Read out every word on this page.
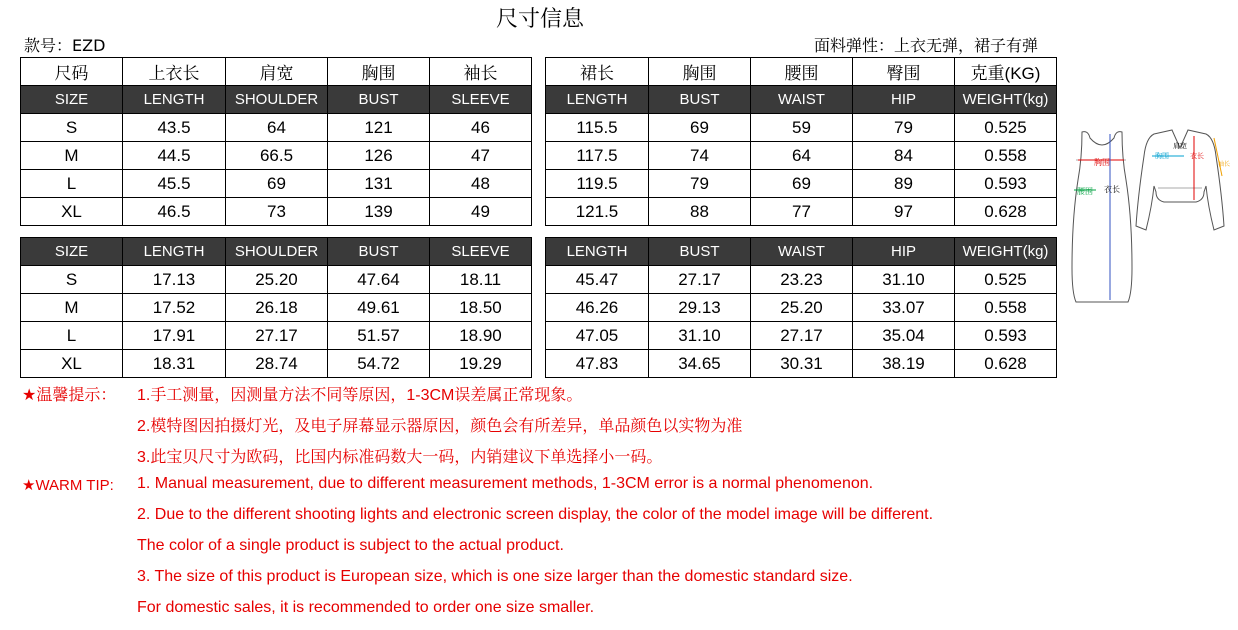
尺寸信息
款号：EZD	面料弹性：上衣无弹，裙子有弹
尺码	上衣长	肩宽	胸围	袖长
SIZE	LENGTH	SHOULDER	BUST	SLEEVE
S	43.5	64	121	46
M	44.5	66.5	126	47
L	45.5	69	131	48
XL	46.5	73	139	49
裙长	胸围	腰围	臀围	克重(KG)
LENGTH	BUST	WAIST	HIP	WEIGHT(kg)
115.5	69	59	79	0.525
117.5	74	64	84	0.558
119.5	79	69	89	0.593
121.5	88	77	97	0.628
SIZE	LENGTH	SHOULDER	BUST	SLEEVE
S	17.13	25.20	47.64	18.11
M	17.52	26.18	49.61	18.50
L	17.91	27.17	51.57	18.90
XL	18.31	28.74	54.72	19.29
LENGTH	BUST	WAIST	HIP	WEIGHT(kg)
45.47	27.17	23.23	31.10	0.525
46.26	29.13	25.20	33.07	0.558
47.05	31.10	27.17	35.04	0.593
47.83	34.65	30.31	38.19	0.628
胸围
腰围 衣长
肩宽
胸围	衣长
袖长
★温馨提示： 1.手工测量，因测量方法不同等原因，1-3CM误差属正常现象。
2.模特图因拍摄灯光，及电子屏幕显示器原因，颜色会有所差异，单品颜色以实物为准
3.此宝贝尺寸为欧码，比国内标准码数大一码，内销建议下单选择小一码。
★WARM TIP: 1. Manual measurement, due to different measurement methods, 1-3CM error is a normal phenomenon.
2. Due to the different shooting lights and electronic screen display, the color of the model image will be different.
The color of a single product is subject to the actual product.
3. The size of this product is European size, which is one size larger than the domestic standard size.
For domestic sales, it is recommended to order one size smaller.
